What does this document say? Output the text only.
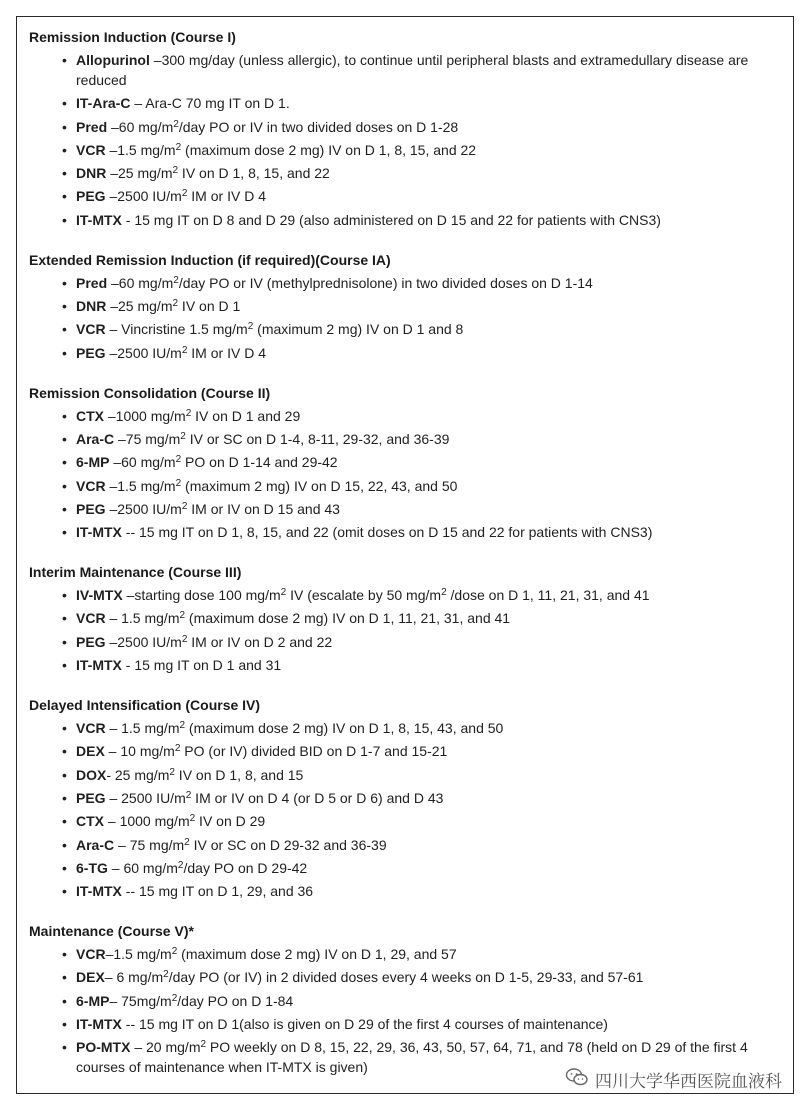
Remission Induction (Course I)
• Allopurinol –300 mg/day (unless allergic), to continue until peripheral blasts and extramedullary disease are reduced
• IT-Ara-C – Ara-C 70 mg IT on D 1.
• Pred –60 $mg/m^2$/day PO or IV in two divided doses on D 1-28
• VCR –1.5 $mg/m^2$ (maximum dose 2 mg) IV on D 1, 8, 15, and 22
• DNR –25 $mg/m^2$ IV on D 1, 8, 15, and 22
• PEG –2500 $IU/m^2$ IM or IV D 4
• IT-MTX - 15 mg IT on D 8 and D 29 (also administered on D 15 and 22 for patients with CNS3)
Extended Remission Induction (if required)(Course IA)
• Pred –60 $mg/m^2$/day PO or IV (methylprednisolone) in two divided doses on D 1-14
• DNR –25 $mg/m^2$ IV on D 1
• VCR – Vincristine 1.5 $mg/m^2$ (maximum 2 mg) IV on D 1 and 8
• PEG –2500 $IU/m^2$ IM or IV D 4
Remission Consolidation (Course II)
• CTX –1000 $mg/m^2$ IV on D 1 and 29
• Ara-C –75 $mg/m^2$ IV or SC on D 1-4, 8-11, 29-32, and 36-39
• 6-MP –60 $mg/m^2$ PO on D 1-14 and 29-42
• VCR –1.5 $mg/m^2$ (maximum 2 mg) IV on D 15, 22, 43, and 50
• PEG –2500 $IU/m^2$ IM or IV on D 15 and 43
• IT-MTX -- 15 mg IT on D 1, 8, 15, and 22 (omit doses on D 15 and 22 for patients with CNS3)
Interim Maintenance (Course III)
• IV-MTX –starting dose 100 $mg/m^2$ IV (escalate by 50 $mg/m^2$ /dose on D 1, 11, 21, 31, and 41
• VCR – 1.5 $mg/m^2$ (maximum dose 2 mg) IV on D 1, 11, 21, 31, and 41
• PEG –2500 $IU/m^2$ IM or IV on D 2 and 22
• IT-MTX - 15 mg IT on D 1 and 31
Delayed Intensification (Course IV)
• VCR – 1.5 $mg/m^2$ (maximum dose 2 mg) IV on D 1, 8, 15, 43, and 50
• DEX – 10 $mg/m^2$ PO (or IV) divided BID on D 1-7 and 15-21
• DOX- 25 $mg/m^2$ IV on D 1, 8, and 15
• PEG – 2500 $IU/m^2$ IM or IV on D 4 (or D 5 or D 6) and D 43
• CTX – 1000 $mg/m^2$ IV on D 29
• Ara-C – 75 $mg/m^2$ IV or SC on D 29-32 and 36-39
• 6-TG – 60 $mg/m^2$/day PO on D 29-42
• IT-MTX -- 15 mg IT on D 1, 29, and 36
Maintenance (Course V)*
• VCR–1.5 $mg/m^2$ (maximum dose 2 mg) IV on D 1, 29, and 57
• DEX– 6 $mg/m^2$/day PO (or IV) in 2 divided doses every 4 weeks on D 1-5, 29-33, and 57-61
• 6-MP– $75mg/m^2$/day PO on D 1-84
• IT-MTX -- 15 mg IT on D 1(also is given on D 29 of the first 4 courses of maintenance)
• PO-MTX – 20 $mg/m^2$ PO weekly on D 8, 15, 22, 29, 36, 43, 50, 57, 64, 71, and 78 (held on D 29 of the first 4 courses of maintenance when IT-MTX is given)
四川大学华西医院血液科
